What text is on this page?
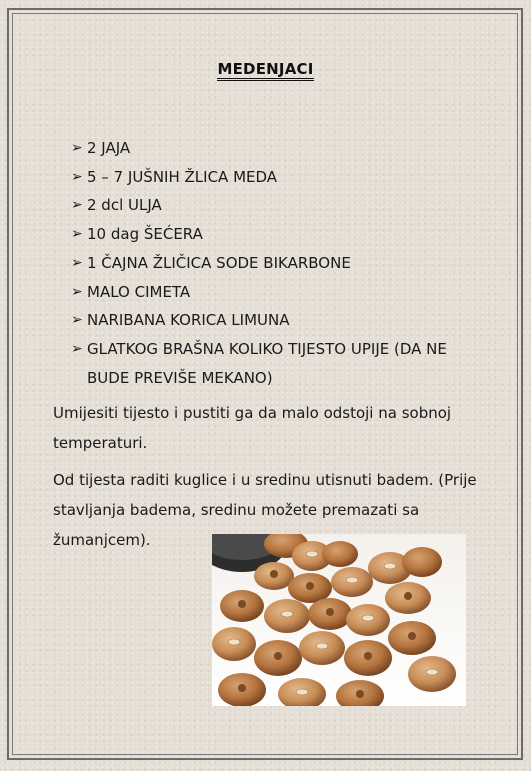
MEDENJACI
➢ 2 JAJA
➢ 5 – 7 JUŠNIH ŽLICA MEDA
➢ 2 dcl ULJA
➢ 10 dag ŠEĆERA
➢ 1 ČAJNA ŽLIČICA SODE BIKARBONE
➢ MALO CIMETA
➢ NARIBANA KORICA LIMUNA
➢ GLATKOG BRAŠNA KOLIKO TIJESTO UPIJE (DA NE BUDE PREVIŠE MEKANO)

Umijesiti tijesto i pustiti ga da malo odstoji na sobnoj temperaturi.

Od tijesta raditi kuglice i u sredinu utisnuti badem. (Prije stavljanja badema, sredinu možete premazati sa žumanjcem).
